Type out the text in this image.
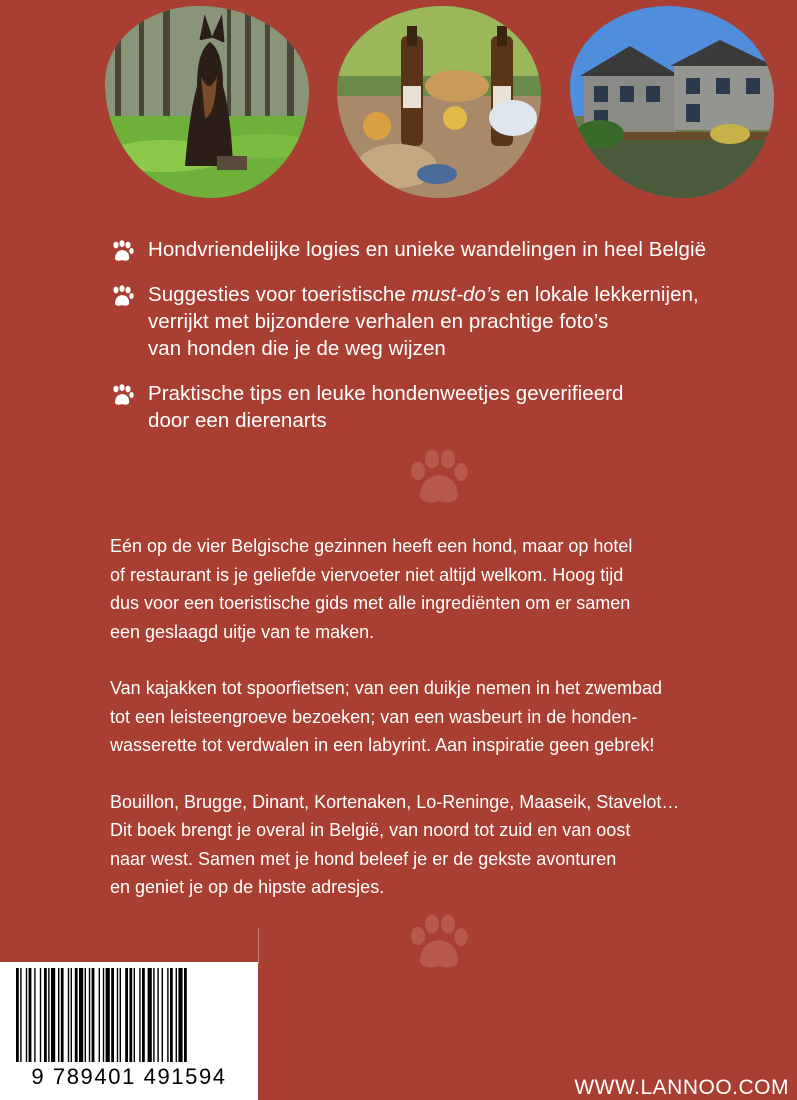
Hondvriendelijke logies en unieke wandelingen in heel België
Suggesties voor toeristische must-do’s en lokale lekkernijen,
verrijkt met bijzondere verhalen en prachtige foto’s
van honden die je de weg wijzen
Praktische tips en leuke hondenweetjes geverifieerd
door een dierenarts

Eén op de vier Belgische gezinnen heeft een hond, maar op hotel
of restaurant is je geliefde viervoeter niet altijd welkom. Hoog tijd
dus voor een toeristische gids met alle ingrediënten om er samen
een geslaagd uitje van te maken.

Van kajakken tot spoorfietsen; van een duikje nemen in het zwembad
tot een leisteengroeve bezoeken; van een wasbeurt in de honden-
wasserette tot verdwalen in een labyrint. Aan inspiratie geen gebrek!

Bouillon, Brugge, Dinant, Kortenaken, Lo-Reninge, Maaseik, Stavelot…
Dit boek brengt je overal in België, van noord tot zuid en van oost
naar west. Samen met je hond beleef je er de gekste avonturen
en geniet je op de hipste adresjes.

9 789401 491594	WWW.LANNOO.COM
